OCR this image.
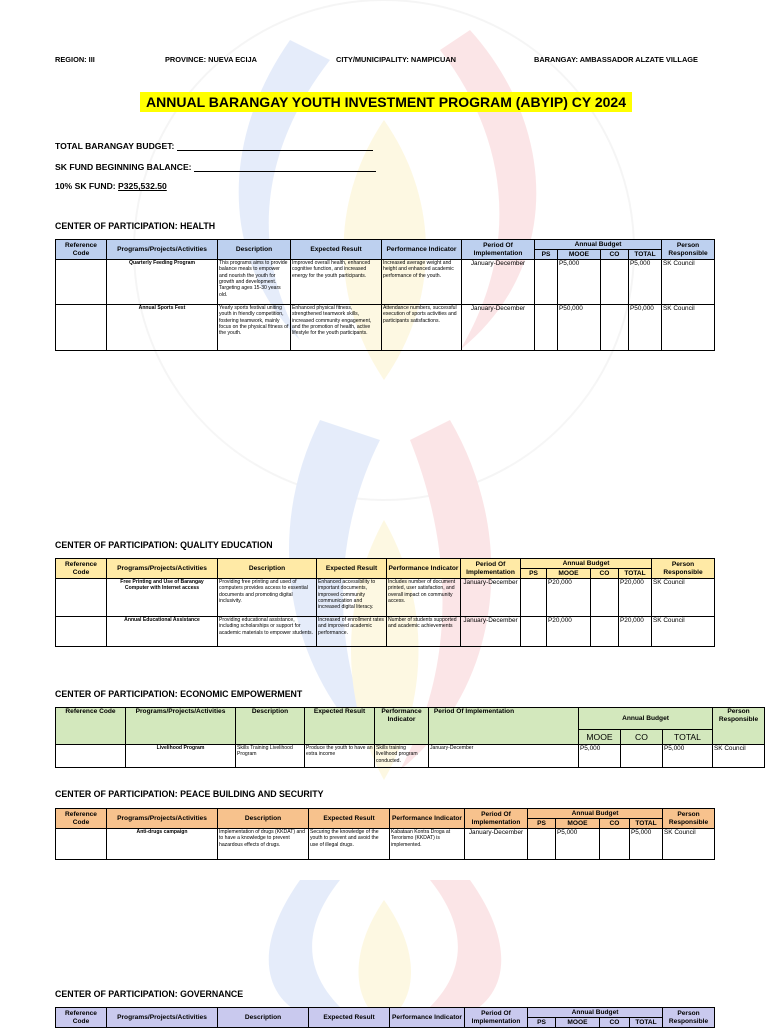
REGION: III	PROVINCE: NUEVA ECIJA	CITY/MUNICIPALITY: NAMPICUAN	BARANGAY: AMBASSADOR ALZATE VILLAGE
ANNUAL BARANGAY YOUTH INVESTMENT PROGRAM (ABYIP) CY 2024
TOTAL BARANGAY BUDGET:
SK FUND BEGINNING BALANCE:
10% SK FUND: P325,532.50
CENTER OF PARTICIPATION: HEALTH
Reference Code	Programs/Projects/Activities	Description	Expected Result	Performance Indicator	Period Of Implementation	Annual Budget				Person Responsible
						PS	MOOE	CO	TOTAL	
	Quarterly Feeding Program	This programs aims to provide balance meals to empower and nourish the youth for growth and development. Targeting ages 15-30 years old.	Improved overall health, enhanced cognitive function, and increased energy for the youth participants.	Increased average weight and height and enhanced academic performance of the youth.	January-December		P5,000		P5,000	SK Council
	Annual Sports Fest	Yearly sports festival uniting youth in friendly competition, fostering teamwork, mainly focus on the physical fitness of the youth.	Enhanced physical fitness, strengthened teamwork skills, increased community engagement, and the promotion of health, active lifestyle for the youth participants.	Attendance numbers, successful execution of sports activities and participants satisfactions.	January-December		P50,000		P50,000	SK Council
CENTER OF PARTICIPATION: QUALITY EDUCATION
Reference Code	Programs/Projects/Activities	Description	Expected Result	Performance Indicator	Period Of Implementation	Annual Budget				Person Responsible
						PS	MOOE	CO	TOTAL	
	Free Printing and Use of Barangay Computer with Internet access	Providing free printing and used of computers provides access to essential documents and promoting digital inclusivity.	Enhanced accessibility to important documents, improved community communication and increased digital literacy.	Includes number of document printed, user satisfaction, and overall impact on community access.	January-December		P20,000		P20,000	SK Council
	Annual Educational Assistance	Providing educational assistance, including scholarships or support for academic materials to empower students.	Increased of enrollment rates and improved academic performance.	Number of students supported and academic achievements	January-December		P20,000		P20,000	SK Council
CENTER OF PARTICIPATION: ECONOMIC EMPOWERMENT
Reference Code	Programs/Projects/Activities	Description	Expected Result	Performance Indicator	Period Of Implementation	Annual Budget			Person Responsible
						MOOE	CO	TOTAL	
	Livelihood Program	Skills Training Livelihood Program	Produce the youth to have an extra income	Skills training livelihood program conducted.	January-December	P5,000		P5,000	SK Council
CENTER OF PARTICIPATION: PEACE BUILDING AND SECURITY
Reference Code	Programs/Projects/Activities	Description	Expected Result	Performance Indicator	Period Of Implementation	Annual Budget				Person Responsible
						PS	MOOE	CO	TOTAL	
	Anti-drugs campaign	Implementation of drugs (KKDAT) and to have a knowledge to prevent hazardous effects of drugs.	Securing the knowledge of the youth to prevent and avoid the use of illegal drugs.	Kabataan Kontra Droga at Terorismo (KKDAT) is implemented.	January-December		P5,000		P5,000	SK Council
CENTER OF PARTICIPATION: GOVERNANCE
Reference Code	Programs/Projects/Activities	Description	Expected Result	Performance Indicator	Period Of Implementation	Annual Budget				Person Responsible
						PS	MOOE	CO	TOTAL	
